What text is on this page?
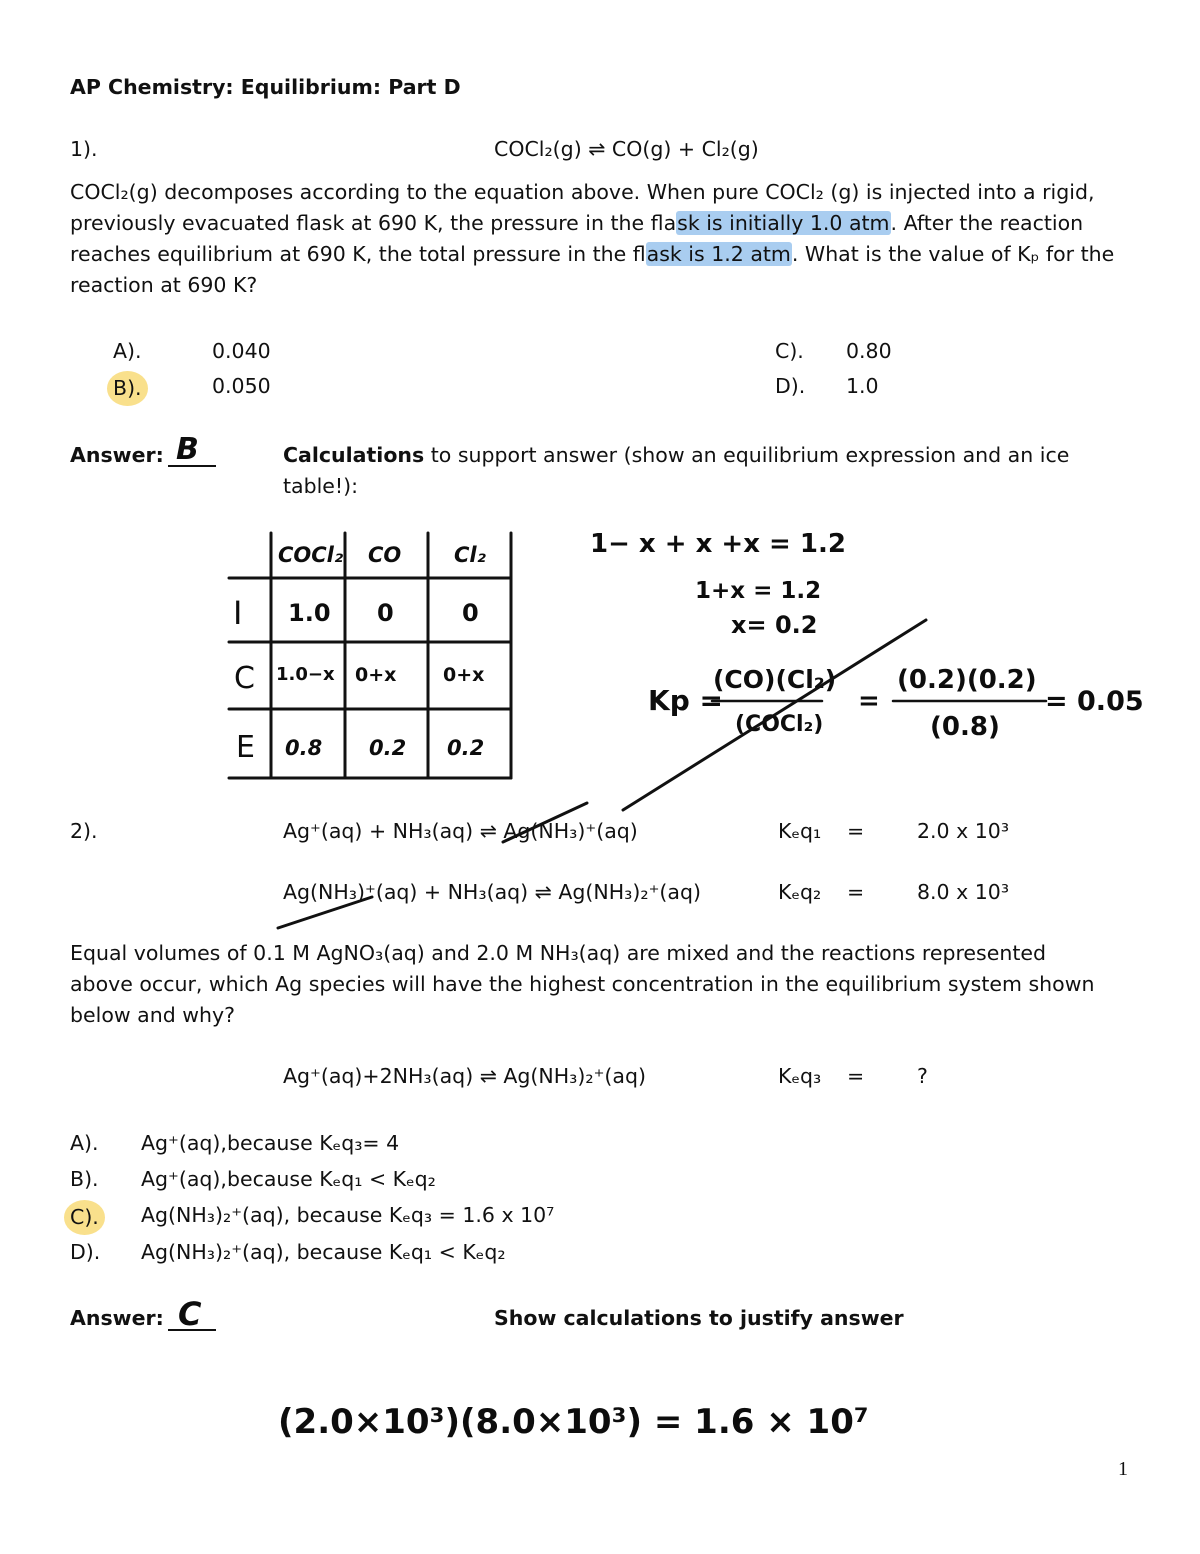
AP Chemistry: Equilibrium: Part D
1).	COCl₂(g) ⇌ CO(g) + Cl₂(g)
COCl₂(g) decomposes according to the equation above. When pure COCl₂ (g) is injected into a rigid,
previously evacuated flask at 690 K, the pressure in the flask is initially 1.0 atm. After the reaction
reaches equilibrium at 690 K, the total pressure in the flask is 1.2 atm. What is the value of Kₚ for the
reaction at 690 K?
A).	0.040
B).	0.050
C). 0.80
D). 1.0
Answer: B	Calculations to support answer (show an equilibrium expression and an ice
table!):
COCl₂ CO	Cl₂
I 1.0 0	0
C 1.0−x 0+x 0+x
E 0.8 0.2 0.2
1− x + x +x = 1.2
1+x = 1.2
x= 0.2
Kp =
(CO)(Cl₂)
(COCl₂)
=
(0.2)(0.2)
(0.8)
= 0.05
2).	Ag⁺(aq) + NH₃(aq) ⇌ Ag(NH₃)⁺(aq)	Kₑq₁ =	2.0 x 10³
Ag(NH₃)⁺(aq) + NH₃(aq) ⇌ Ag(NH₃)₂⁺(aq)	Kₑq₂ =	8.0 x 10³
Equal volumes of 0.1 M AgNO₃(aq) and 2.0 M NH₃(aq) are mixed and the reactions represented
above occur, which Ag species will have the highest concentration in the equilibrium system shown
below and why?
Ag⁺(aq)+2NH₃(aq) ⇌ Ag(NH₃)₂⁺(aq)	Kₑq₃ =	?
A). Ag⁺(aq),because Kₑq₃= 4
B). Ag⁺(aq),because Kₑq₁ < Kₑq₂
C). Ag(NH₃)₂⁺(aq), because Kₑq₃ = 1.6 x 10⁷
D). Ag(NH₃)₂⁺(aq), because Kₑq₁ < Kₑq₂
Answer: C	Show calculations to justify answer
(2.0×10³)(8.0×10³) = 1.6 × 10⁷
1
